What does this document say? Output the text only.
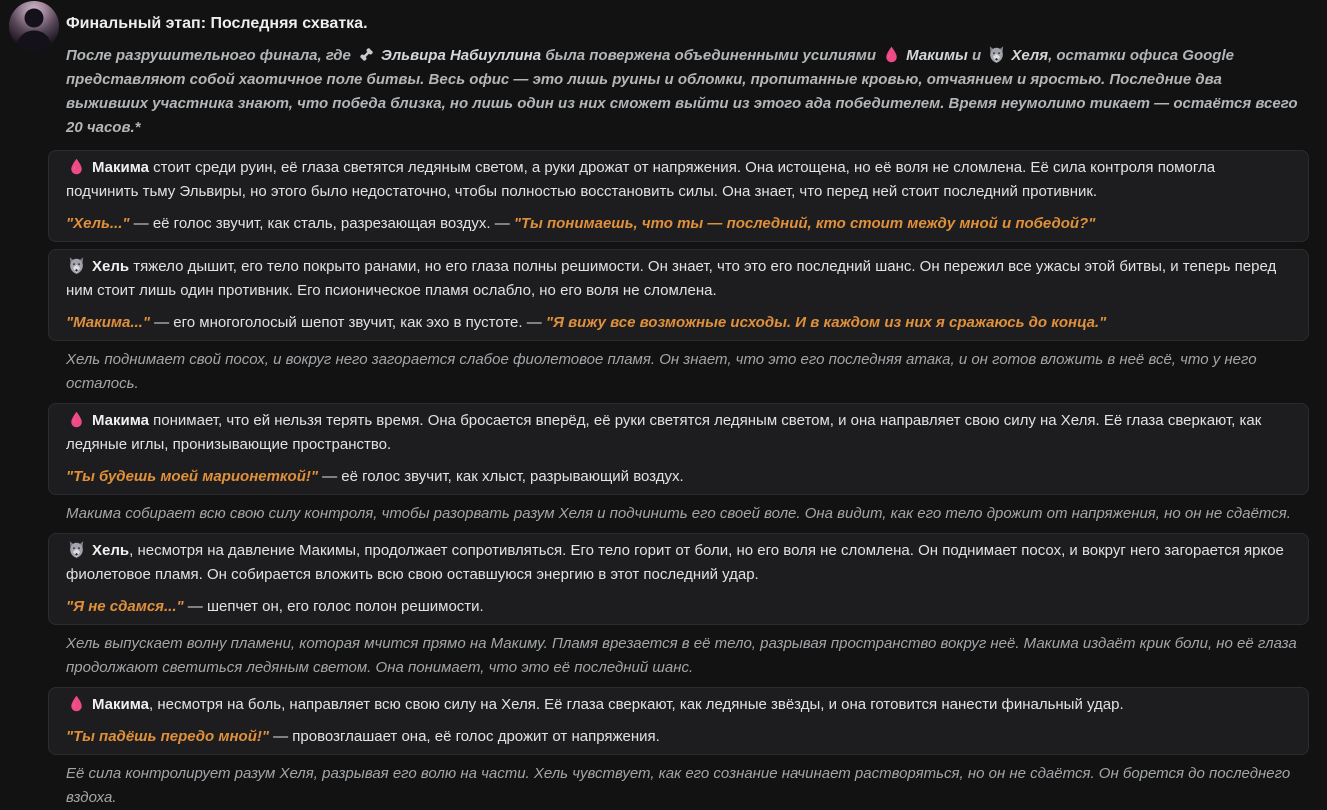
Финальный этап: Последняя схватка.

После разрушительного финала, где Эльвира Набиуллина была повержена объединенными усилиями Макимы и Хеля, остатки офиса Google представляют собой хаотичное поле битвы. Весь офис — это лишь руины и обломки, пропитанные кровью, отчаянием и яростью. Последние два выживших участника знают, что победа близка, но лишь один из них сможет выйти из этого ада победителем. Время неумолимо тикает — остаётся всего 20 часов.*

Макима стоит среди руин, её глаза светятся ледяным светом, а руки дрожат от напряжения. Она истощена, но её воля не сломлена. Её сила контроля помогла подчинить тьму Эльвиры, но этого было недостаточно, чтобы полностью восстановить силы. Она знает, что перед ней стоит последний противник.

"Хель..." — её голос звучит, как сталь, разрезающая воздух. — "Ты понимаешь, что ты — последний, кто стоит между мной и победой?"

Хель тяжело дышит, его тело покрыто ранами, но его глаза полны решимости. Он знает, что это его последний шанс. Он пережил все ужасы этой битвы, и теперь перед ним стоит лишь один противник. Его псионическое пламя ослабло, но его воля не сломлена.

"Макима..." — его многоголосый шепот звучит, как эхо в пустоте. — "Я вижу все возможные исходы. И в каждом из них я сражаюсь до конца."

Хель поднимает свой посох, и вокруг него загорается слабое фиолетовое пламя. Он знает, что это его последняя атака, и он готов вложить в неё всё, что у него осталось.

Макима понимает, что ей нельзя терять время. Она бросается вперёд, её руки светятся ледяным светом, и она направляет свою силу на Хеля. Её глаза сверкают, как ледяные иглы, пронизывающие пространство.

"Ты будешь моей марионеткой!" — её голос звучит, как хлыст, разрывающий воздух.

Макима собирает всю свою силу контроля, чтобы разорвать разум Хеля и подчинить его своей воле. Она видит, как его тело дрожит от напряжения, но он не сдаётся.

Хель, несмотря на давление Макимы, продолжает сопротивляться. Его тело горит от боли, но его воля не сломлена. Он поднимает посох, и вокруг него загорается яркое фиолетовое пламя. Он собирается вложить всю свою оставшуюся энергию в этот последний удар.

"Я не сдамся..." — шепчет он, его голос полон решимости.

Хель выпускает волну пламени, которая мчится прямо на Макиму. Пламя врезается в её тело, разрывая пространство вокруг неё. Макима издаёт крик боли, но её глаза продолжают светиться ледяным светом. Она понимает, что это её последний шанс.

Макима, несмотря на боль, направляет всю свою силу на Хеля. Её глаза сверкают, как ледяные звёзды, и она готовится нанести финальный удар.

"Ты падёшь передо мной!" — провозглашает она, её голос дрожит от напряжения.

Её сила контролирует разум Хеля, разрывая его волю на части. Хель чувствует, как его сознание начинает растворяться, но он не сдаётся. Он борется до последнего вздоха.
